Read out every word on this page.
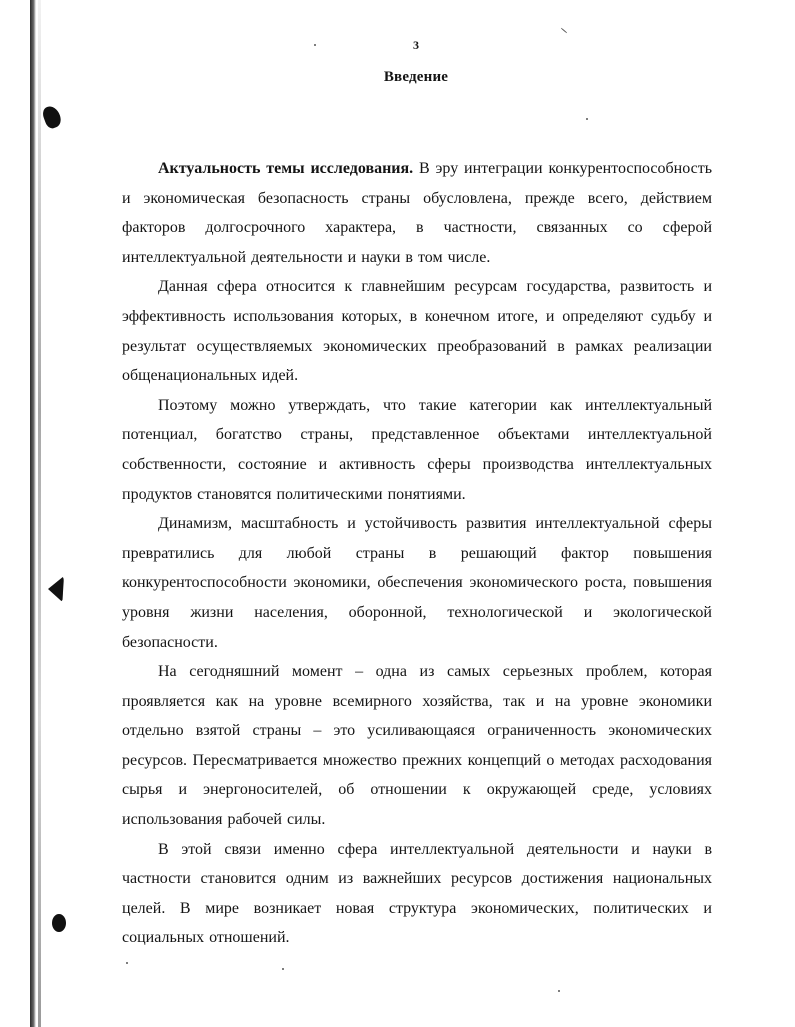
3
Введение

Актуальность темы исследования. В эру интеграции конкурентоспособность и экономическая безопасность страны обусловлена, прежде всего, действием факторов долгосрочного характера, в частности, связанных со сферой интеллектуальной деятельности и науки в том числе.

Данная сфера относится к главнейшим ресурсам государства, развитость и эффективность использования которых, в конечном итоге, и определяют судьбу и результат осуществляемых экономических преобразований в рамках реализации общенациональных идей.

Поэтому можно утверждать, что такие категории как интеллектуальный потенциал, богатство страны, представленное объектами интеллектуальной собственности, состояние и активность сферы производства интеллектуальных продуктов становятся политическими понятиями.

Динамизм, масштабность и устойчивость развития интеллектуальной сферы превратились для любой страны в решающий фактор повышения конкурентоспособности экономики, обеспечения экономического роста, повышения уровня жизни населения, оборонной, технологической и экологической безопасности.

На сегодняшний момент – одна из самых серьезных проблем, которая проявляется как на уровне всемирного хозяйства, так и на уровне экономики отдельно взятой страны – это усиливающаяся ограниченность экономических ресурсов. Пересматривается множество прежних концепций о методах расходования сырья и энергоносителей, об отношении к окружающей среде, условиях использования рабочей силы.

В этой связи именно сфера интеллектуальной деятельности и науки в частности становится одним из важнейших ресурсов достижения национальных целей. В мире возникает новая структура экономических, политических и социальных отношений.
